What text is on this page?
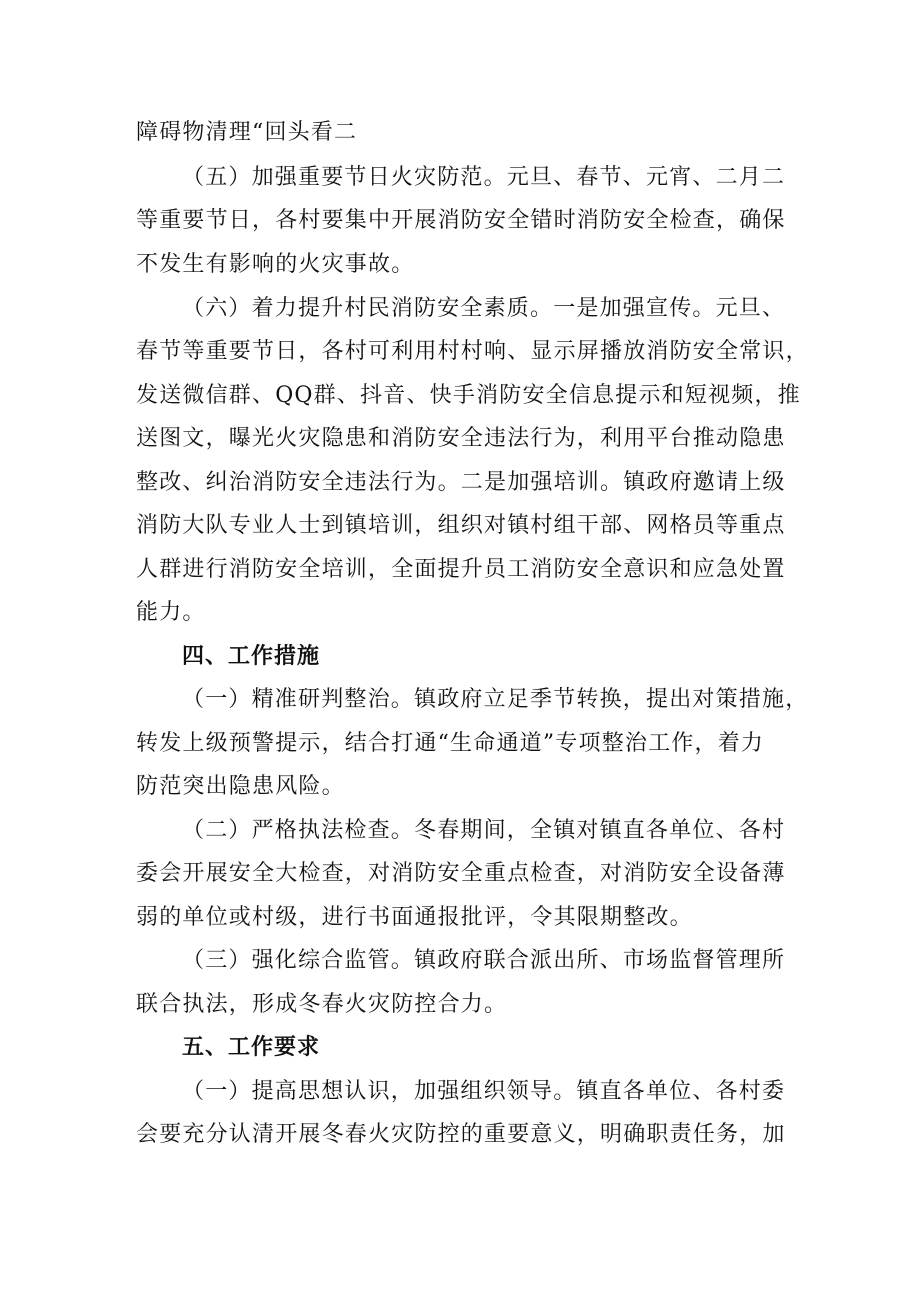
障碍物清理“回头看二
（五）加强重要节日火灾防范。元旦、春节、元宵、二月二
等重要节日，各村要集中开展消防安全错时消防安全检查，确保
不发生有影响的火灾事故。
（六）着力提升村民消防安全素质。一是加强宣传。元旦、
春节等重要节日，各村可利用村村响、显示屏播放消防安全常识，
发送微信群、QQ群、抖音、快手消防安全信息提示和短视频，推
送图文，曝光火灾隐患和消防安全违法行为，利用平台推动隐患
整改、纠治消防安全违法行为。二是加强培训。镇政府邀请上级
消防大队专业人士到镇培训，组织对镇村组干部、网格员等重点
人群进行消防安全培训，全面提升员工消防安全意识和应急处置
能力。
四、工作措施
（一）精准研判整治。镇政府立足季节转换，提出对策措施，
转发上级预警提示，结合打通“生命通道”专项整治工作，着力
防范突出隐患风险。
（二）严格执法检查。冬春期间，全镇对镇直各单位、各村
委会开展安全大检查，对消防安全重点检查，对消防安全设备薄
弱的单位或村级，进行书面通报批评，令其限期整改。
（三）强化综合监管。镇政府联合派出所、市场监督管理所
联合执法，形成冬春火灾防控合力。
五、工作要求
（一）提高思想认识，加强组织领导。镇直各单位、各村委
会要充分认清开展冬春火灾防控的重要意义，明确职责任务，加
